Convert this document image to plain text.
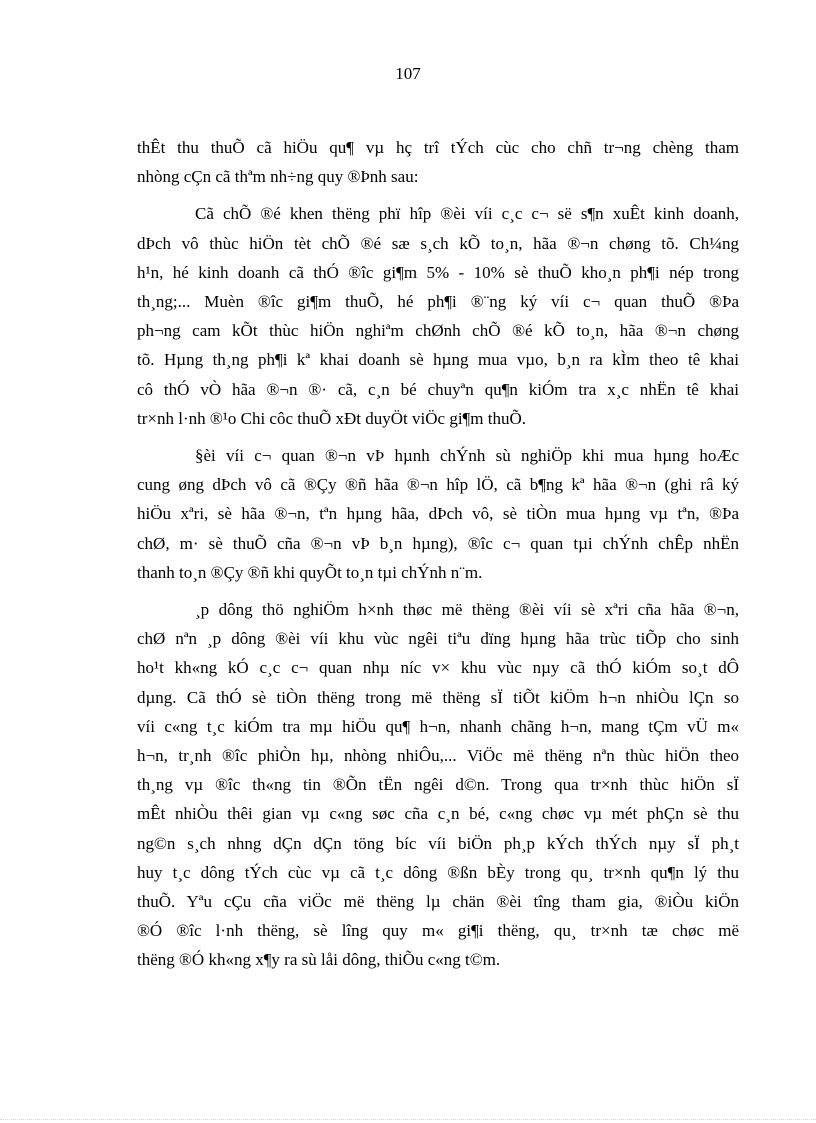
107
thÊt thu thuÕ cã hiÖu qu¶ vµ hç trî tÝch cùc cho chñ tr¬ng chèng tham
nhòng cÇn cã thªm nh÷ng quy ®Þnh sau:
Cã chÕ ®é khen thëng phï hîp ®èi víi c¸c c¬ së s¶n xuÊt kinh doanh,
dÞch vô thùc hiÖn tèt chÕ ®é sæ s¸ch kÕ to¸n, hãa ®¬n chøng tõ. Ch¼ng
h¹n, hé kinh doanh cã thÓ ®îc gi¶m 5% - 10% sè thuÕ kho¸n ph¶i nép trong
th¸ng;... Muèn ®îc gi¶m thuÕ, hé ph¶i ®¨ng ký víi c¬ quan thuÕ ®Þa
ph¬ng cam kÕt thùc hiÖn nghiªm chØnh chÕ ®é kÕ to¸n, hãa ®¬n chøng
tõ. Hµng th¸ng ph¶i kª khai doanh sè hµng mua vµo, b¸n ra kÌm theo tê khai
cô thÓ vÒ hãa ®¬n ®· cã, c¸n bé chuyªn qu¶n kiÓm tra x¸c nhËn tê khai
tr×nh l·nh ®¹o Chi côc thuÕ xÐt duyÖt viÖc gi¶m thuÕ.
§èi víi c¬ quan ®¬n vÞ hµnh chÝnh sù nghiÖp khi mua hµng hoÆc
cung øng dÞch vô cã ®Çy ®ñ hãa ®¬n hîp lÖ, cã b¶ng kª hãa ®¬n (ghi râ ký
hiÖu xªri, sè hãa ®¬n, tªn hµng hãa, dÞch vô, sè tiÒn mua hµng vµ tªn, ®Þa
chØ, m· sè thuÕ cña ®¬n vÞ b¸n hµng), ®îc c¬ quan tµi chÝnh chÊp nhËn
thanh to¸n ®Çy ®ñ khi quyÕt to¸n tµi chÝnh n¨m.
¸p dông thö nghiÖm h×nh thøc më thëng ®èi víi sè xªri cña hãa ®¬n,
chØ nªn ¸p dông ®èi víi khu vùc ngêi tiªu dïng hµng hãa trùc tiÕp cho sinh
ho¹t kh«ng kÓ c¸c c¬ quan nhµ níc v× khu vùc nµy cã thÓ kiÓm so¸t dÔ
dµng. Cã thÓ sè tiÒn thëng trong më thëng sÏ tiÕt kiÖm h¬n nhiÒu lÇn so
víi c«ng t¸c kiÓm tra mµ hiÖu qu¶ h¬n, nhanh chãng h¬n, mang tÇm vÜ m«
h¬n, tr¸nh ®îc phiÒn hµ, nhòng nhiÔu,... ViÖc më thëng nªn thùc hiÖn theo
th¸ng vµ ®îc th«ng tin ®Õn tËn ngêi d©n. Trong qua tr×nh thùc hiÖn sÏ
mÊt nhiÒu thêi gian vµ c«ng søc cña c¸n bé, c«ng chøc vµ mét phÇn sè thu
ng©n s¸ch nhng dÇn dÇn töng bíc víi biÖn ph¸p kÝch thÝch nµy sÏ ph¸t
huy t¸c dông tÝch cùc vµ cã t¸c dông ®ßn bÈy trong qu¸ tr×nh qu¶n lý thu
thuÕ. Yªu cÇu cña viÖc më thëng lµ chän ®èi tîng tham gia, ®iÒu kiÖn
®Ó ®îc l·nh thëng, sè lîng quy m« gi¶i thëng, qu¸ tr×nh tæ chøc më
thëng ®Ó kh«ng x¶y ra sù låi dông, thiÕu c«ng t©m.
